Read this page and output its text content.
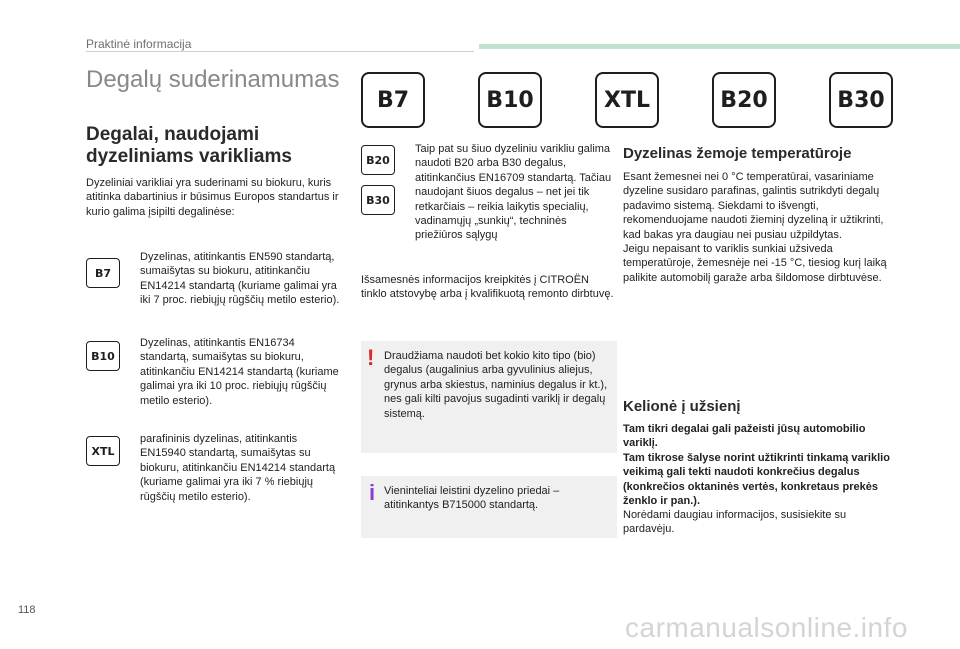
Praktinė informacija
Degalų suderinamumas
B7	B10	XTL	B20	B30
Degalai, naudojami dyzeliniams varikliams

Dyzeliniai varikliai yra suderinami su biokuru, kuris atitinka dabartinius ir būsimus Europos standartus ir kurio galima įsipilti degalinėse:

B7

Dyzelinas, atitinkantis EN590 standartą, sumaišytas su biokuru, atitinkančiu EN14214 standartą (kuriame galimai yra iki 7 proc. riebiųjų rūgščių metilo esterio).

B10

Dyzelinas, atitinkantis EN16734 standartą, sumaišytas su biokuru, atitinkančiu EN14214 standartą (kuriame galimai yra iki 10 proc. riebiųjų rūgščių metilo esterio).

XTL

parafininis dyzelinas, atitinkantis EN15940 standartą, sumaišytas su biokuru, atitinkančiu EN14214 standartą (kuriame galimai yra iki 7 % riebiųjų rūgščių metilo esterio).

B20
B30

Taip pat su šiuo dyzeliniu varikliu galima naudoti B20 arba B30 degalus, atitinkančius EN16709 standartą. Tačiau naudojant šiuos degalus – net jei tik retkarčiais – reikia laikytis specialių, vadinamųjų „sunkių“, techninės priežiūros sąlygų

Išsamesnės informacijos kreipkitės į CITROËN tinklo atstovybę arba į kvalifikuotą remonto dirbtuvę.

! Draudžiama naudoti bet kokio kito tipo (bio) degalus (augalinius arba gyvulinius aliejus, grynus arba skiestus, naminius degalus ir kt.), nes gali kilti pavojus sugadinti variklį ir degalų sistemą.

i Vieninteliai leistini dyzelino priedai – atitinkantys B715000 standartą.

Dyzelinas žemoje temperatūroje

Esant žemesnei nei 0 °C temperatūrai, vasariniame dyzeline susidaro parafinas, galintis sutrikdyti degalų padavimo sistemą. Siekdami to išvengti, rekomenduojame naudoti žieminį dyzeliną ir užtikrinti, kad bakas yra daugiau nei pusiau užpildytas.
Jeigu nepaisant to variklis sunkiai užsiveda temperatūroje, žemesnėje nei -15 °C, tiesiog kurį laiką palikite automobilį garaže arba šildomose dirbtuvėse.

Kelionė į užsienį

Tam tikri degalai gali pažeisti jūsų automobilio variklį.
Tam tikrose šalyse norint užtikrinti tinkamą variklio veikimą gali tekti naudoti konkrečius degalus (konkrečios oktaninės vertės, konkretaus prekės ženklo ir pan.).

Norėdami daugiau informacijos, susisiekite su pardavėju.

118
carmanualsonline.info
